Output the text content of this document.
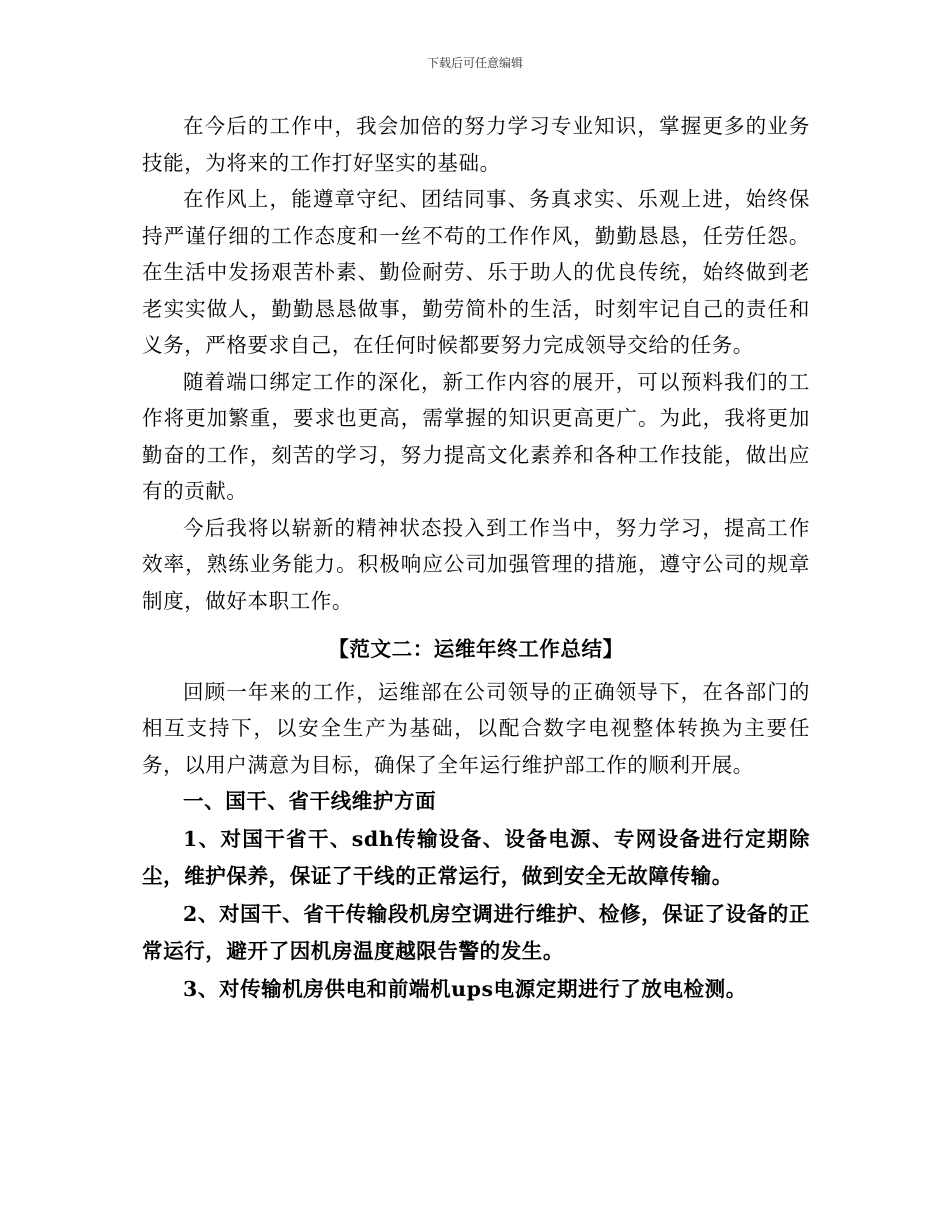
下载后可任意编辑

在今后的工作中，我会加倍的努力学习专业知识，掌握更多的业务技能，为将来的工作打好坚实的基础。

在作风上，能遵章守纪、团结同事、务真求实、乐观上进，始终保持严谨仔细的工作态度和一丝不苟的工作作风，勤勤恳恳，任劳任怨。在生活中发扬艰苦朴素、勤俭耐劳、乐于助人的优良传统，始终做到老老实实做人，勤勤恳恳做事，勤劳简朴的生活，时刻牢记自己的责任和义务，严格要求自己，在任何时候都要努力完成领导交给的任务。

随着端口绑定工作的深化，新工作内容的展开，可以预料我们的工作将更加繁重，要求也更高，需掌握的知识更高更广。为此，我将更加勤奋的工作，刻苦的学习，努力提高文化素养和各种工作技能，做出应有的贡献。

今后我将以崭新的精神状态投入到工作当中，努力学习，提高工作效率，熟练业务能力。积极响应公司加强管理的措施，遵守公司的规章制度，做好本职工作。

【范文二：运维年终工作总结】

回顾一年来的工作，运维部在公司领导的正确领导下，在各部门的相互支持下，以安全生产为基础，以配合数字电视整体转换为主要任务，以用户满意为目标，确保了全年运行维护部工作的顺利开展。

一、国干、省干线维护方面

1、对国干省干、sdh传输设备、设备电源、专网设备进行定期除尘，维护保养，保证了干线的正常运行，做到安全无故障传输。

2、对国干、省干传输段机房空调进行维护、检修，保证了设备的正常运行，避开了因机房温度越限告警的发生。

3、对传输机房供电和前端机ups电源定期进行了放电检测。
